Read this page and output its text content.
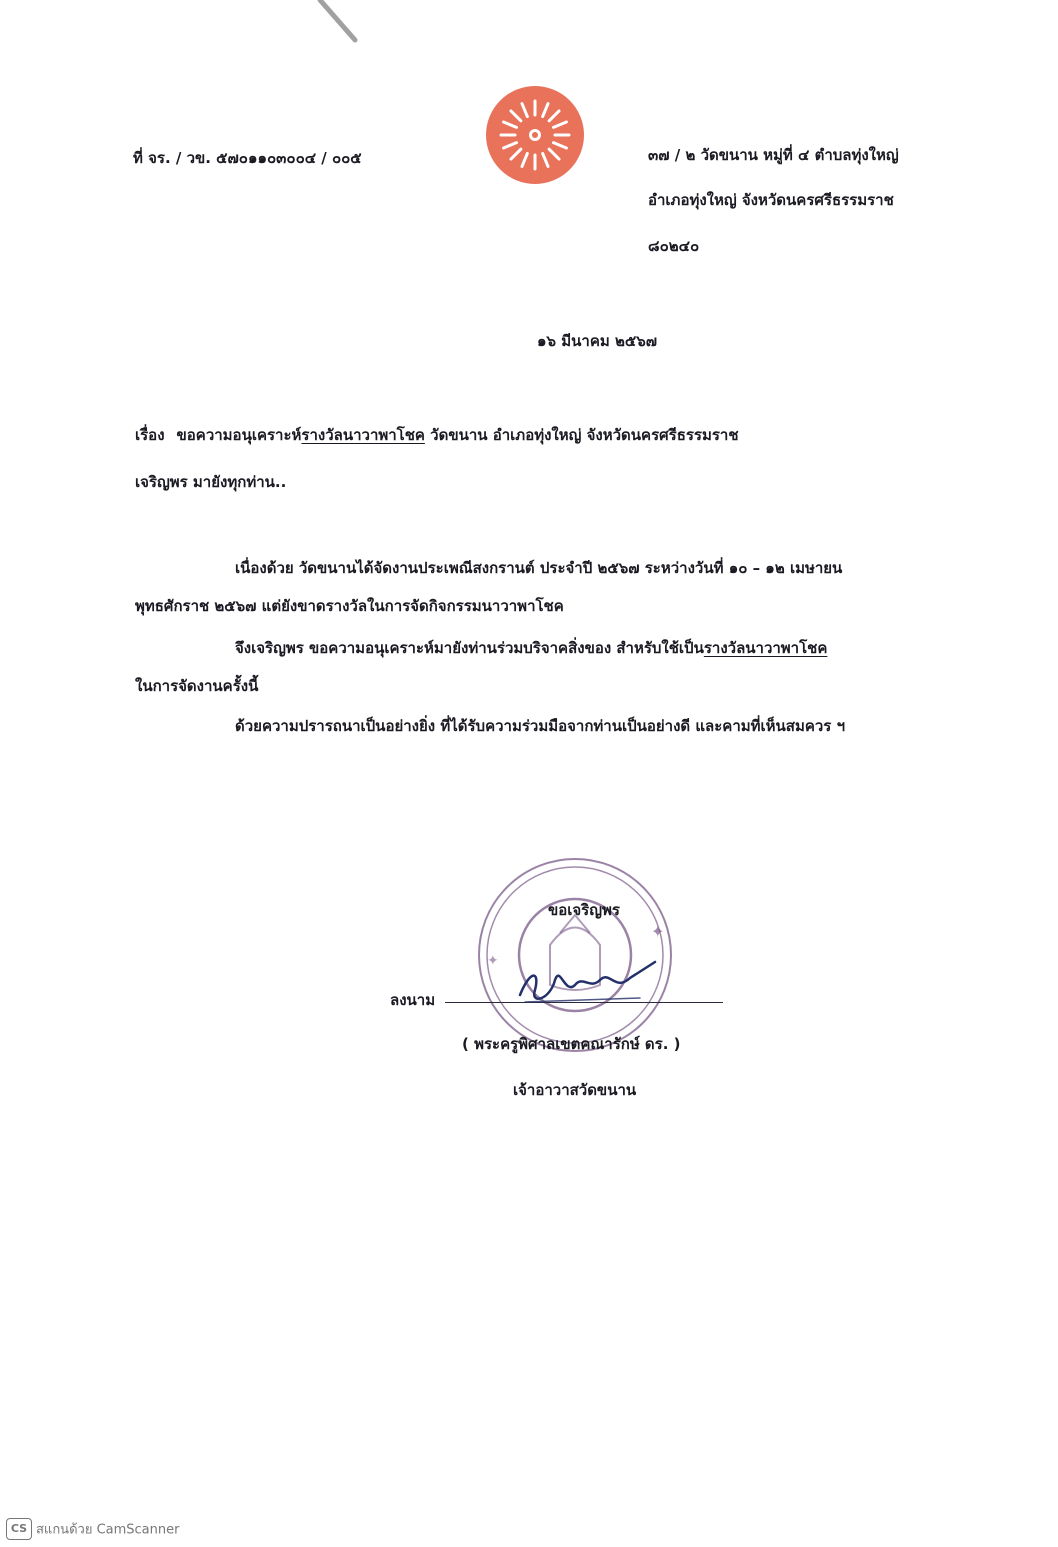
ที่ จร. / วข. ๕๗๐๑๑๐๓๐๐๔ / ๐๐๕	๓๗ / ๒ วัดขนาน หมู่ที่ ๔ ตำบลทุ่งใหญ่
อำเภอทุ่งใหญ่ จังหวัดนครศรีธรรมราช
๘๐๒๔๐
๑๖ มีนาคม ๒๕๖๗
เรื่อง ขอความอนุเคราะห์รางวัลนาวาพาโชค วัดขนาน อำเภอทุ่งใหญ่ จังหวัดนครศรีธรรมราช
เจริญพร มายังทุกท่าน..
เนื่องด้วย วัดขนานได้จัดงานประเพณีสงกรานต์ ประจำปี ๒๕๖๗ ระหว่างวันที่ ๑๐ – ๑๒ เมษายน
พุทธศักราช ๒๕๖๗ แต่ยังขาดรางวัลในการจัดกิจกรรมนาวาพาโชค
จึงเจริญพร ขอความอนุเคราะห์มายังท่านร่วมบริจาคสิ่งของ สำหรับใช้เป็นรางวัลนาวาพาโชค
ในการจัดงานครั้งนี้
ด้วยความปรารถนาเป็นอย่างยิ่ง ที่ได้รับความร่วมมือจากท่านเป็นอย่างดี และคามที่เห็นสมควร ฯ
✦
✦
ขอเจริญพร
ลงนาม
( พระครูพิศาลเขตคณารักษ์ ดร. )
เจ้าอาวาสวัดขนาน
CS สแกนด้วย CamScanner
